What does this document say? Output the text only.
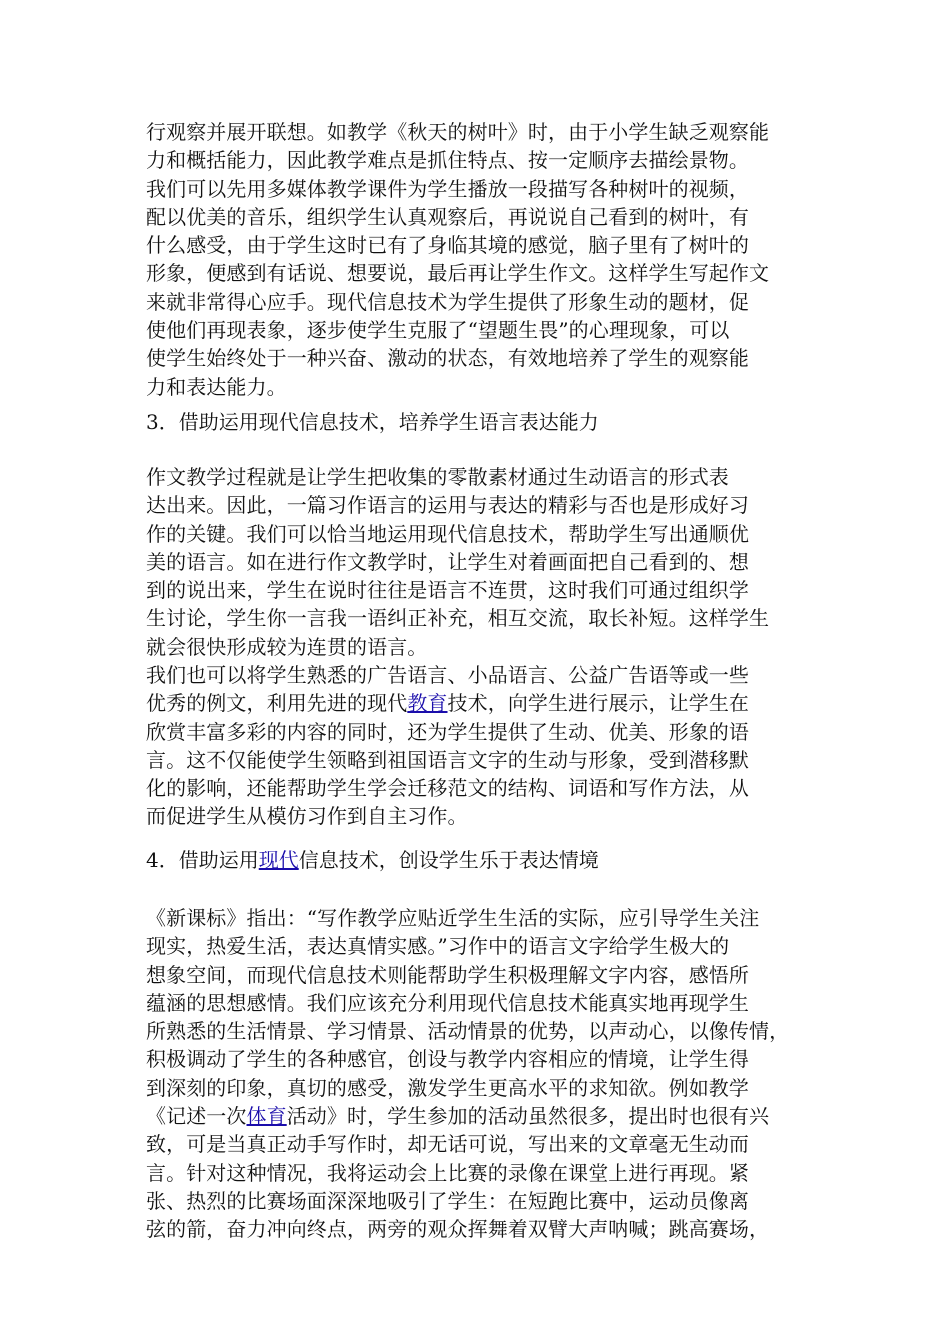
行观察并展开联想。如教学《秋天的树叶》时，由于小学生缺乏观察能
力和概括能力，因此教学难点是抓住特点、按一定顺序去描绘景物。
我们可以先用多媒体教学课件为学生播放一段描写各种树叶的视频，
配以优美的音乐，组织学生认真观察后，再说说自己看到的树叶，有
什么感受，由于学生这时已有了身临其境的感觉，脑子里有了树叶的
形象，便感到有话说、想要说，最后再让学生作文。这样学生写起作文
来就非常得心应手。现代信息技术为学生提供了形象生动的题材，促
使他们再现表象，逐步使学生克服了“望题生畏”的心理现象，可以
使学生始终处于一种兴奋、激动的状态，有效地培养了学生的观察能
力和表达能力。
3．借助运用现代信息技术，培养学生语言表达能力
作文教学过程就是让学生把收集的零散素材通过生动语言的形式表
达出来。因此，一篇习作语言的运用与表达的精彩与否也是形成好习
作的关键。我们可以恰当地运用现代信息技术，帮助学生写出通顺优
美的语言。如在进行作文教学时，让学生对着画面把自己看到的、想
到的说出来，学生在说时往往是语言不连贯，这时我们可通过组织学
生讨论，学生你一言我一语纠正补充，相互交流，取长补短。这样学生
就会很快形成较为连贯的语言。
我们也可以将学生熟悉的广告语言、小品语言、公益广告语等或一些
优秀的例文，利用先进的现代教育技术，向学生进行展示，让学生在
欣赏丰富多彩的内容的同时，还为学生提供了生动、优美、形象的语
言。这不仅能使学生领略到祖国语言文字的生动与形象，受到潜移默
化的影响，还能帮助学生学会迁移范文的结构、词语和写作方法，从
而促进学生从模仿习作到自主习作。
4．借助运用现代信息技术，创设学生乐于表达情境
《新课标》指出：“写作教学应贴近学生生活的实际，应引导学生关注
现实，热爱生活，表达真情实感。”习作中的语言文字给学生极大的
想象空间，而现代信息技术则能帮助学生积极理解文字内容，感悟所
蕴涵的思想感情。我们应该充分利用现代信息技术能真实地再现学生
所熟悉的生活情景、学习情景、活动情景的优势，以声动心，以像传情，
积极调动了学生的各种感官，创设与教学内容相应的情境，让学生得
到深刻的印象，真切的感受，激发学生更高水平的求知欲。例如教学
《记述一次体育活动》时，学生参加的活动虽然很多，提出时也很有兴
致，可是当真正动手写作时，却无话可说，写出来的文章毫无生动而
言。针对这种情况，我将运动会上比赛的录像在课堂上进行再现。紧
张、热烈的比赛场面深深地吸引了学生：在短跑比赛中，运动员像离
弦的箭，奋力冲向终点，两旁的观众挥舞着双臂大声呐喊；跳高赛场，
